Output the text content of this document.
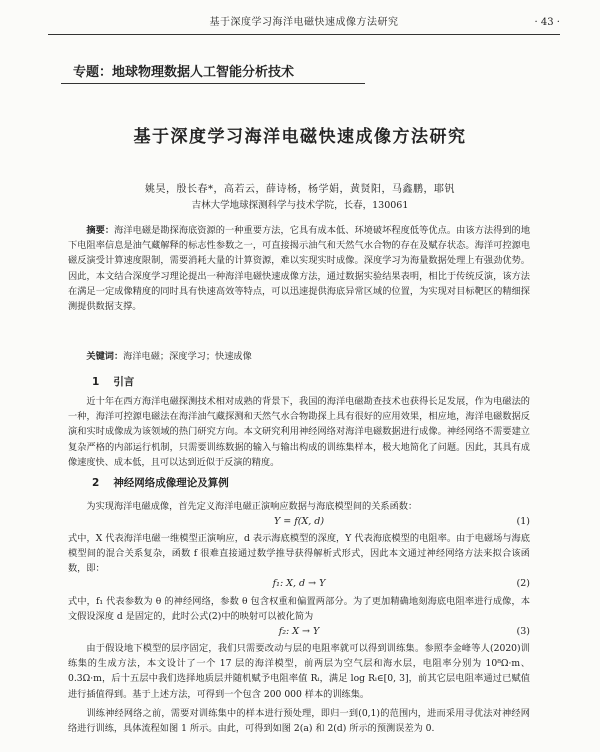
基于深度学习海洋电磁快速成像方法研究	· 43 ·
专题：地球物理数据人工智能分析技术
基于深度学习海洋电磁快速成像方法研究
姚昊，殷长春*，高若云，薛诗杨，杨学娟，黄贤阳，马鑫鹏，耶钒
吉林大学地球探测科学与技术学院，长春，130061

摘要：海洋电磁是勘探海底资源的一种重要方法，它具有成本低、环境破坏程度低等优点。由该方法得到的地下电阻率信息是油气藏解释的标志性参数之一，可直接揭示油气和天然气水合物的存在及赋存状态。海洋可控源电磁反演受计算速度限制，需要消耗大量的计算资源，难以实现实时成像。深度学习为海量数据处理上有强劲优势。因此，本文结合深度学习理论提出一种海洋电磁快速成像方法，通过数据实验结果表明，相比于传统反演，该方法在满足一定成像精度的同时具有快速高效等特点，可以迅速提供海底异常区域的位置，为实现对目标靶区的精细探测提供数据支撑。

关键词：海洋电磁；深度学习；快速成像

1 引言

近十年在西方海洋电磁探测技术相对成熟的背景下，我国的海洋电磁勘查技术也获得长足发展，作为电磁法的一种，海洋可控源电磁法在海洋油气藏探测和天然气水合物勘探上具有很好的应用效果，相应地，海洋电磁数据反演和实时成像成为该领域的热门研究方向。本文研究利用神经网络对海洋电磁数据进行成像。神经网络不需要建立复杂严格的内部运行机制，只需要训练数据的输入与输出构成的训练集样本，极大地简化了问题。因此，其具有成像速度快、成本低，且可以达到近似于反演的精度。

2 神经网络成像理论及算例

为实现海洋电磁成像，首先定义海洋电磁正演响应数据与海底模型间的关系函数：

Y = f(X, d)	(1)

式中，X 代表海洋电磁一维模型正演响应，d 表示海底模型的深度，Y 代表海底模型的电阻率。由于电磁场与海底模型间的混合关系复杂，函数 f 很难直接通过数学推导获得解析式形式，因此本文通过神经网络方法来拟合该函数，即：

f₁: X, d → Y	(2)

式中，f₁ 代表参数为 θ 的神经网络，参数 θ 包含权重和偏置两部分。为了更加精确地刻海底电阻率进行成像，本文假设深度 d 是固定的，此时公式(2)中的映射可以被化简为

f₂: X → Y	(3)

由于假设地下模型的层序固定，我们只需要改动与层的电阻率就可以得到训练集。参照李金峰等人(2020)训练集的生成方法，本文设计了一个 17 层的海洋模型，前两层为空气层和海水层，电阻率分别为 10⁸Ω·m、0.3Ω·m，后十五层中我们选择地质层并随机赋予电阻率值 Rᵢ，满足 log Rᵢ∈[0, 3]，前其它层电阻率通过已赋值进行插值得到。基于上述方法，可得到一个包含 200 000 样本的训练集。

训练神经网络之前，需要对训练集中的样本进行预处理，即归一到(0,1)的范围内，进而采用寻优法对神经网络进行训练，具体流程如图 1 所示。由此，可得到如图 2(a) 和 2(d) 所示的预测误差为 0.
